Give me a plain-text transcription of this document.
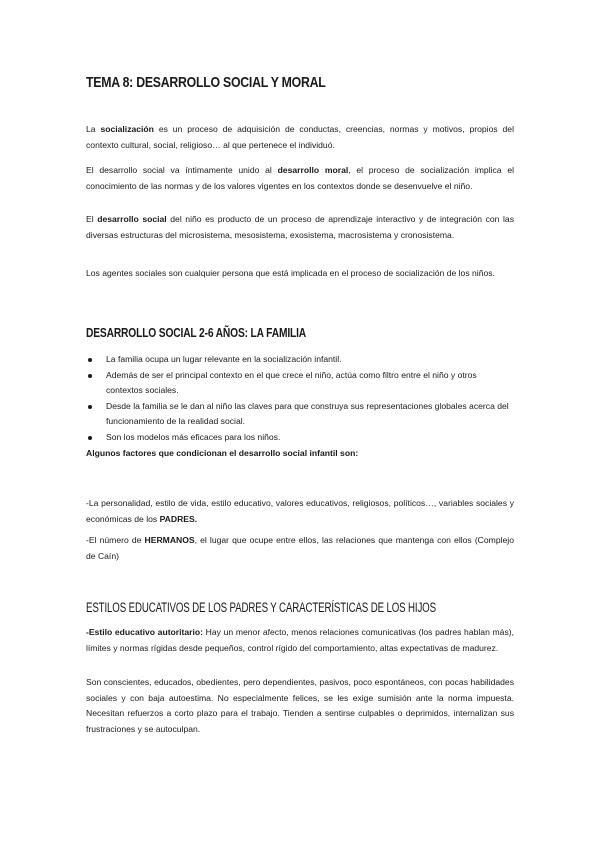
TEMA 8: DESARROLLO SOCIAL Y MORAL

La socialización es un proceso de adquisición de conductas, creencias, normas y motivos, propios del contexto cultural, social, religioso… al que pertenece el individuó.

El desarrollo social va íntimamente unido al desarrollo moral, el proceso de socialización implica el conocimiento de las normas y de los valores vigentes en los contextos donde se desenvuelve el niño.

El desarrollo social del niño es producto de un proceso de aprendizaje interactivo y de integración con las diversas estructuras del microsistema, mesosistema, exosistema, macrosistema y cronosistema.

Los agentes sociales son cualquier persona que está implicada en el proceso de socialización de los niños.

DESARROLLO SOCIAL 2-6 AÑOS: LA FAMILIA
La familia ocupa un lugar relevante en la socialización infantil.
Además de ser el principal contexto en el que crece el niño, actúa como filtro entre el niño y otros contextos sociales.
Desde la familia se le dan al niño las claves para que construya sus representaciones globales acerca del funcionamiento de la realidad social.
Son los modelos más eficaces para los niños.

Algunos factores que condicionan el desarrollo social infantil son:

-La personalidad, estilo de vida, estilo educativo, valores educativos, religiosos, políticos…, variables sociales y económicas de los PADRES.

-El número de HERMANOS, el lugar que ocupe entre ellos, las relaciones que mantenga con ellos (Complejo de Caín)

ESTILOS EDUCATIVOS DE LOS PADRES Y CARACTERÍSTICAS DE LOS HIJOS

-Estilo educativo autoritario: Hay un menor afecto, menos relaciones comunicativas (los padres hablan más), límites y normas rígidas desde pequeños, control rígido del comportamiento, altas expectativas de madurez.

Son conscientes, educados, obedientes, pero dependientes, pasivos, poco espontáneos, con pocas habilidades sociales y con baja autoestima. No especialmente felices, se les exige sumisión ante la norma impuesta. Necesitan refuerzos a corto plazo para el trabajo. Tienden a sentirse culpables o deprimidos, internalizan sus frustraciones y se autoculpan.
